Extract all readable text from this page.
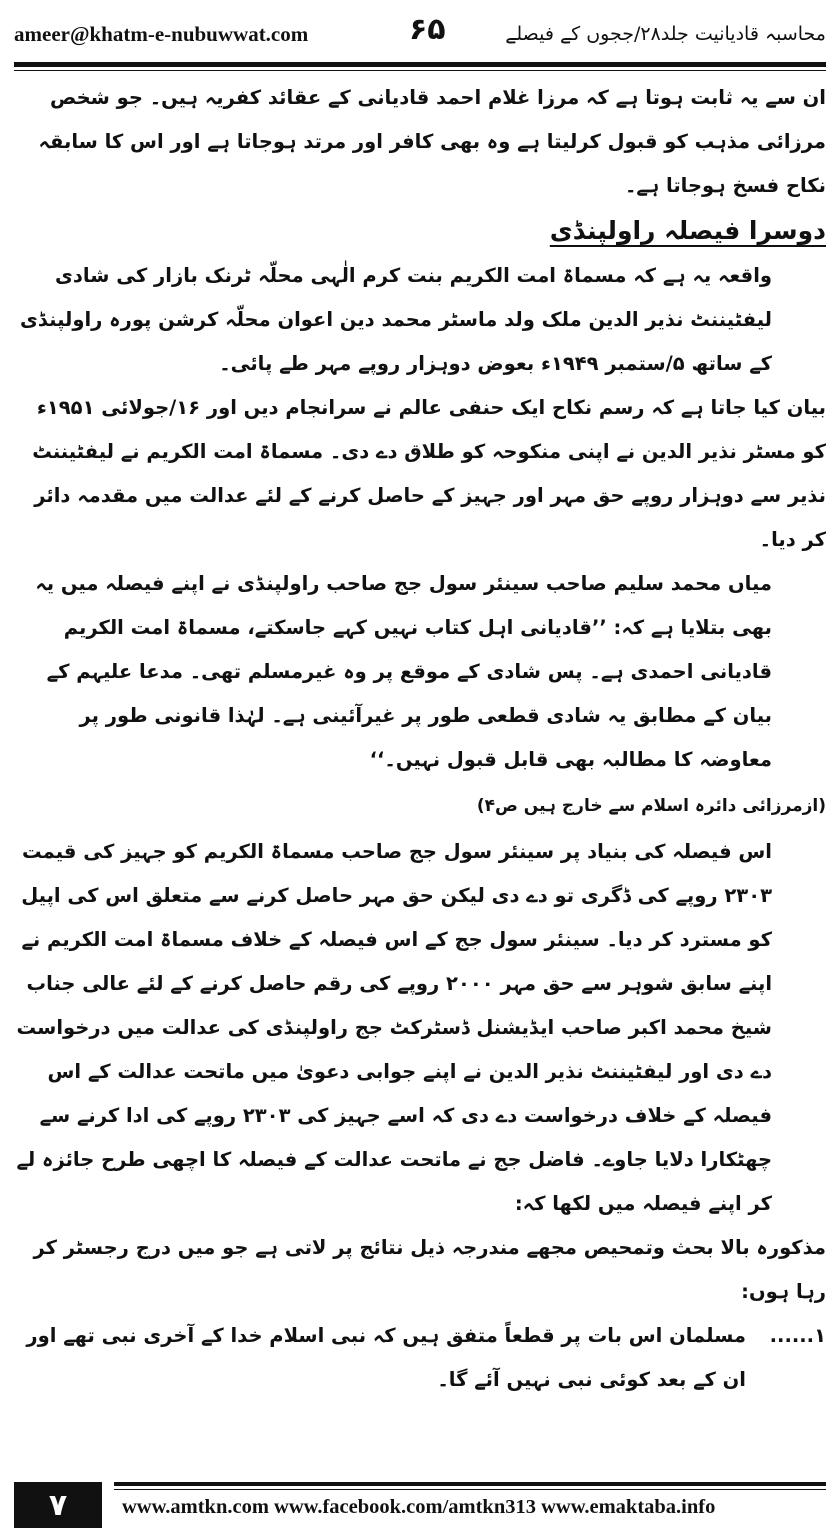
ameer@khatm-e-nubuwwat.com	۶۵	محاسبہ قادیانیت جلد۲۸/ججوں کے فیصلے

ان سے یہ ثابت ہوتا ہے کہ مرزا غلام احمد قادیانی کے عقائد کفریہ ہیں۔ جو شخص مرزائی مذہب کو قبول کرلیتا ہے وہ بھی کافر اور مرتد ہوجاتا ہے اور اس کا سابقہ نکاح فسخ ہوجاتا ہے۔

دوسرا فیصلہ راولپنڈی

واقعہ یہ ہے کہ مسماۃ امت الکریم بنت کرم الٰہی محلّہ ٹرنک بازار کی شادی لیفٹیننٹ نذیر الدین ملک ولد ماسٹر محمد دین اعوان محلّہ کرشن پورہ راولپنڈی کے ساتھ ۵/ستمبر ۱۹۴۹ء بعوض دوہزار روپے مہر طے پائی۔

بیان کیا جاتا ہے کہ رسم نکاح ایک حنفی عالم نے سرانجام دیں اور ۱۶/جولائی ۱۹۵۱ء کو مسٹر نذیر الدین نے اپنی منکوحہ کو طلاق دے دی۔ مسماۃ امت الکریم نے لیفٹیننٹ نذیر سے دوہزار روپے حق مہر اور جہیز کے حاصل کرنے کے لئے عدالت میں مقدمہ دائر کر دیا۔

میاں محمد سلیم صاحب سینئر سول جج صاحب راولپنڈی نے اپنے فیصلہ میں یہ بھی بتلایا ہے کہ: ’’قادیانی اہل کتاب نہیں کہے جاسکتے، مسماۃ امت الکریم قادیانی احمدی ہے۔ پس شادی کے موقع پر وہ غیرمسلم تھی۔ مدعا علیہم کے بیان کے مطابق یہ شادی قطعی طور پر غیرآئینی ہے۔ لہٰذا قانونی طور پر معاوضہ کا مطالبہ بھی قابل قبول نہیں۔‘‘

(ازمرزائی دائرہ اسلام سے خارج ہیں ص۴)

اس فیصلہ کی بنیاد پر سینئر سول جج صاحب مسماۃ الکریم کو جہیز کی قیمت ۲۳۰۳ روپے کی ڈگری تو دے دی لیکن حق مہر حاصل کرنے سے متعلق اس کی اپیل کو مسترد کر دیا۔ سینئر سول جج کے اس فیصلہ کے خلاف مسماۃ امت الکریم نے اپنے سابق شوہر سے حق مہر ۲۰۰۰ روپے کی رقم حاصل کرنے کے لئے عالی جناب شیخ محمد اکبر صاحب ایڈیشنل ڈسٹرکٹ جج راولپنڈی کی عدالت میں درخواست دے دی اور لیفٹیننٹ نذیر الدین نے اپنے جوابی دعویٰ میں ماتحت عدالت کے اس فیصلہ کے خلاف درخواست دے دی کہ اسے جہیز کی ۲۳۰۳ روپے کی ادا کرنے سے چھٹکارا دلایا جاوے۔ فاضل جج نے ماتحت عدالت کے فیصلہ کا اچھی طرح جائزہ لے کر اپنے فیصلہ میں لکھا کہ:

مذکورہ بالا بحث وتمحیص مجھے مندرجہ ذیل نتائج پر لاتی ہے جو میں درج رجسٹر کر رہا ہوں:

۱......
مسلمان اس بات پر قطعاً متفق ہیں کہ نبی اسلام خدا کے آخری نبی تھے اور ان کے بعد کوئی نبی نہیں آئے گا۔
۷	www.amtkn.com www.facebook.com/amtkn313 www.emaktaba.info
